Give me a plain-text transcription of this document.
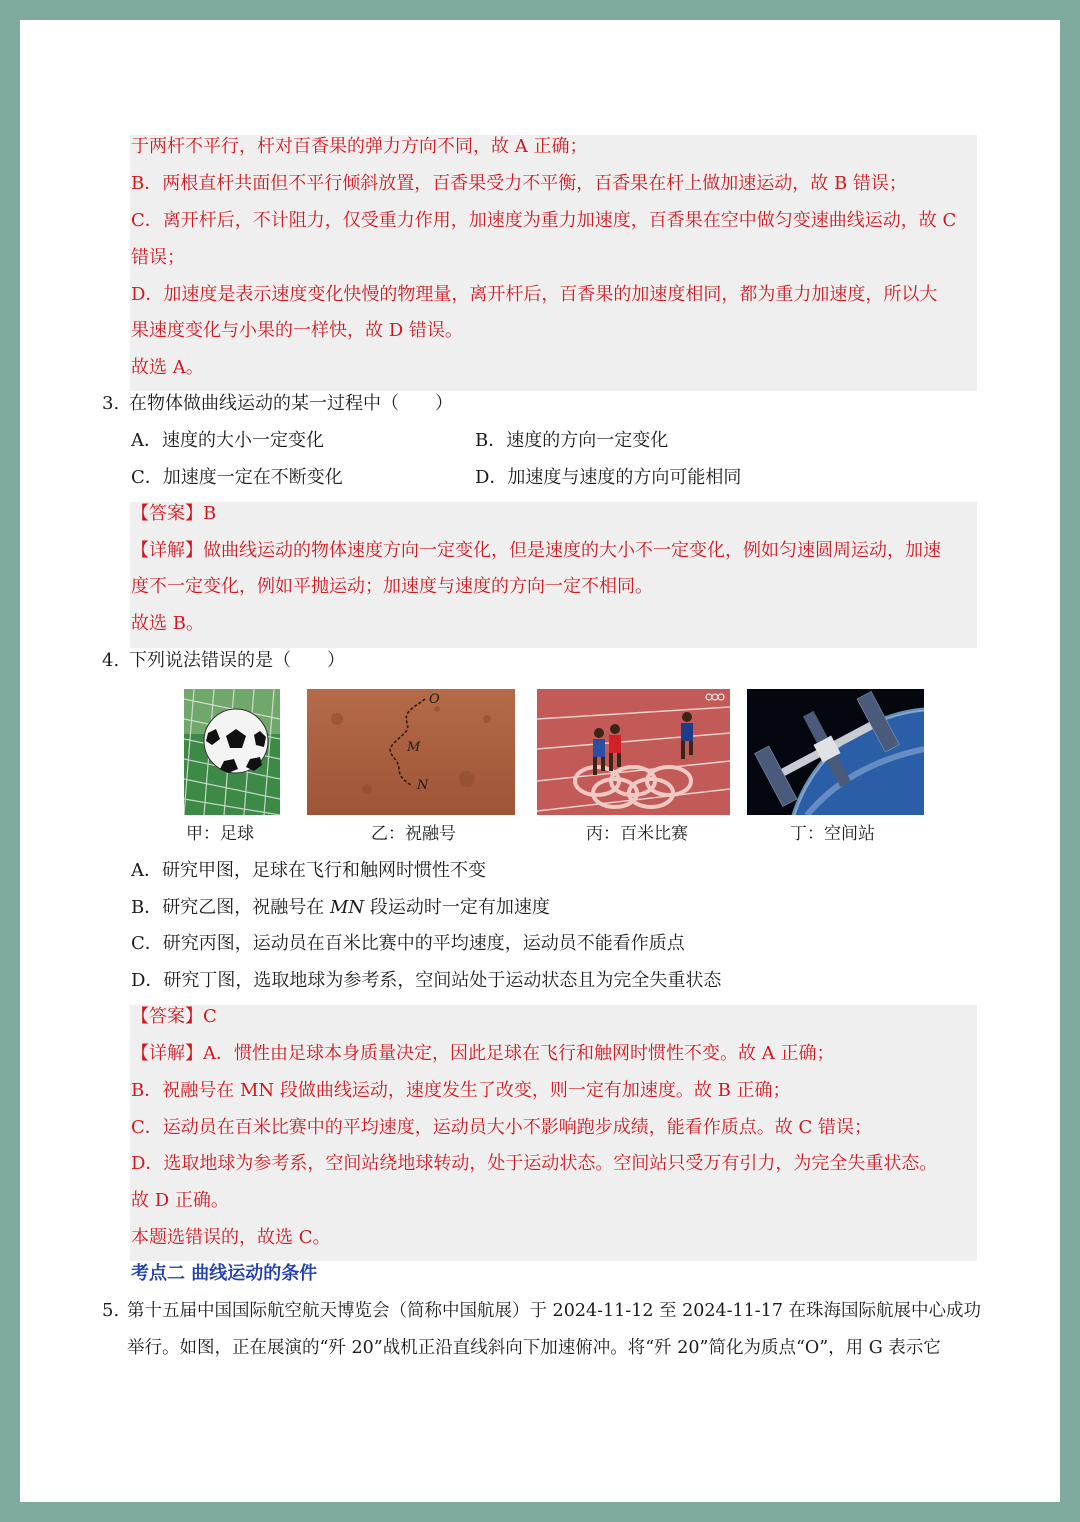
于两杆不平行，杆对百香果的弹力方向不同，故 A 正确；
B．两根直杆共面但不平行倾斜放置，百香果受力不平衡，百香果在杆上做加速运动，故 B 错误；
C．离开杆后，不计阻力，仅受重力作用，加速度为重力加速度，百香果在空中做匀变速曲线运动，故 C
错误；
D．加速度是表示速度变化快慢的物理量，离开杆后，百香果的加速度相同，都为重力加速度，所以大
果速度变化与小果的一样快，故 D 错误。
故选 A。
3. 在物体做曲线运动的某一过程中（　　）
A．速度的大小一定变化	B．速度的方向一定变化
C．加速度一定在不断变化	D．加速度与速度的方向可能相同
【答案】B
【详解】做曲线运动的物体速度方向一定变化，但是速度的大小不一定变化，例如匀速圆周运动，加速
度不一定变化，例如平抛运动；加速度与速度的方向一定不相同。
故选 B。
4. 下列说法错误的是（　　）
甲：足球
O
M
N
乙：祝融号	丙：百米比赛	丁：空间站
A．研究甲图，足球在飞行和触网时惯性不变
B．研究乙图，祝融号在 MN 段运动时一定有加速度
C．研究丙图，运动员在百米比赛中的平均速度，运动员不能看作质点
D．研究丁图，选取地球为参考系，空间站处于运动状态且为完全失重状态
【答案】C
【详解】A．惯性由足球本身质量决定，因此足球在飞行和触网时惯性不变。故 A 正确；
B．祝融号在 MN 段做曲线运动，速度发生了改变，则一定有加速度。故 B 正确；
C．运动员在百米比赛中的平均速度，运动员大小不影响跑步成绩，能看作质点。故 C 错误；
D．选取地球为参考系，空间站绕地球转动，处于运动状态。空间站只受万有引力，为完全失重状态。
故 D 正确。
本题选错误的，故选 C。
考点二 曲线运动的条件
5. 第十五届中国国际航空航天博览会（简称中国航展）于 2024-11-12 至 2024-11-17 在珠海国际航展中心成功
举行。如图，正在展演的“歼 20”战机正沿直线斜向下加速俯冲。将“歼 20”简化为质点“O”，用 G 表示它
